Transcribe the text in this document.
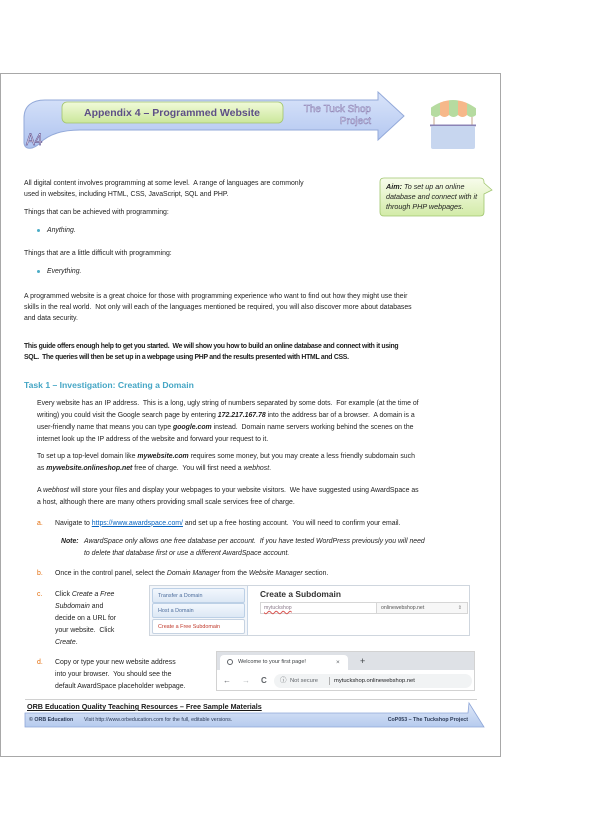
Appendix 4 – Programmed Website
A4
The Tuck Shop
Project
Aim: To set up an online
database and connect with it
through PHP webpages.
All digital content involves programming at some level.  A range of languages are commonly
used in websites, including HTML, CSS, JavaScript, SQL and PHP.
Things that can be achieved with programming:
Anything.
Things that are a little difficult with programming:
Everything.
A programmed website is a great choice for those with programming experience who want to find out how they might use their
skills in the real world.  Not only will each of the languages mentioned be required, you will also discover more about databases
and data security.
This guide offers enough help to get you started.  We will show you how to build an online database and connect with it using
SQL.  The queries will then be set up in a webpage using PHP and the results presented with HTML and CSS.
Task 1 – Investigation: Creating a Domain
Every website has an IP address.  This is a long, ugly string of numbers separated by some dots.  For example (at the time of
writing) you could visit the Google search page by entering 172.217.167.78 into the address bar of a browser.  A domain is a
user-friendly name that means you can type google.com instead.  Domain name servers working behind the scenes on the
internet look up the IP address of the website and forward your request to it.
To set up a top-level domain like mywebsite.com requires some money, but you may create a less friendly subdomain such
as mywebsite.onlineshop.net free of charge.  You will first need a webhost.
A webhost will store your files and display your webpages to your website visitors.  We have suggested using AwardSpace as
a host, although there are many others providing small scale services free of charge.
a. Navigate to https://www.awardspace.com/ and set up a free hosting account.  You will need to confirm your email.
Note: AwardSpace only allows one free database per account.  If you have tested WordPress previously you will need
to delete that database first or use a different AwardSpace account.
b. Once in the control panel, select the Domain Manager from the Website Manager section.
c. Click Create a Free
Subdomain and
decide on a URL for
your website.  Click
Create.
Transfer a Domain
Host a Domain
Create a Free Subdomain
Create a Subdomain
mytuckshop	onlinewebshop.net	⇕
d. Copy or type your new website address
into your browser.  You should see the
default AwardSpace placeholder webpage.
Welcome to your first page!	× +
← → C ⓘ Not secure	mytuckshop.onlinewebshop.net
ORB Education Quality Teaching Resources – Free Sample Materials
© ORB Education Visit http://www.orbeducation.com for the full, editable versions.	CoP053 – The Tuckshop Project
